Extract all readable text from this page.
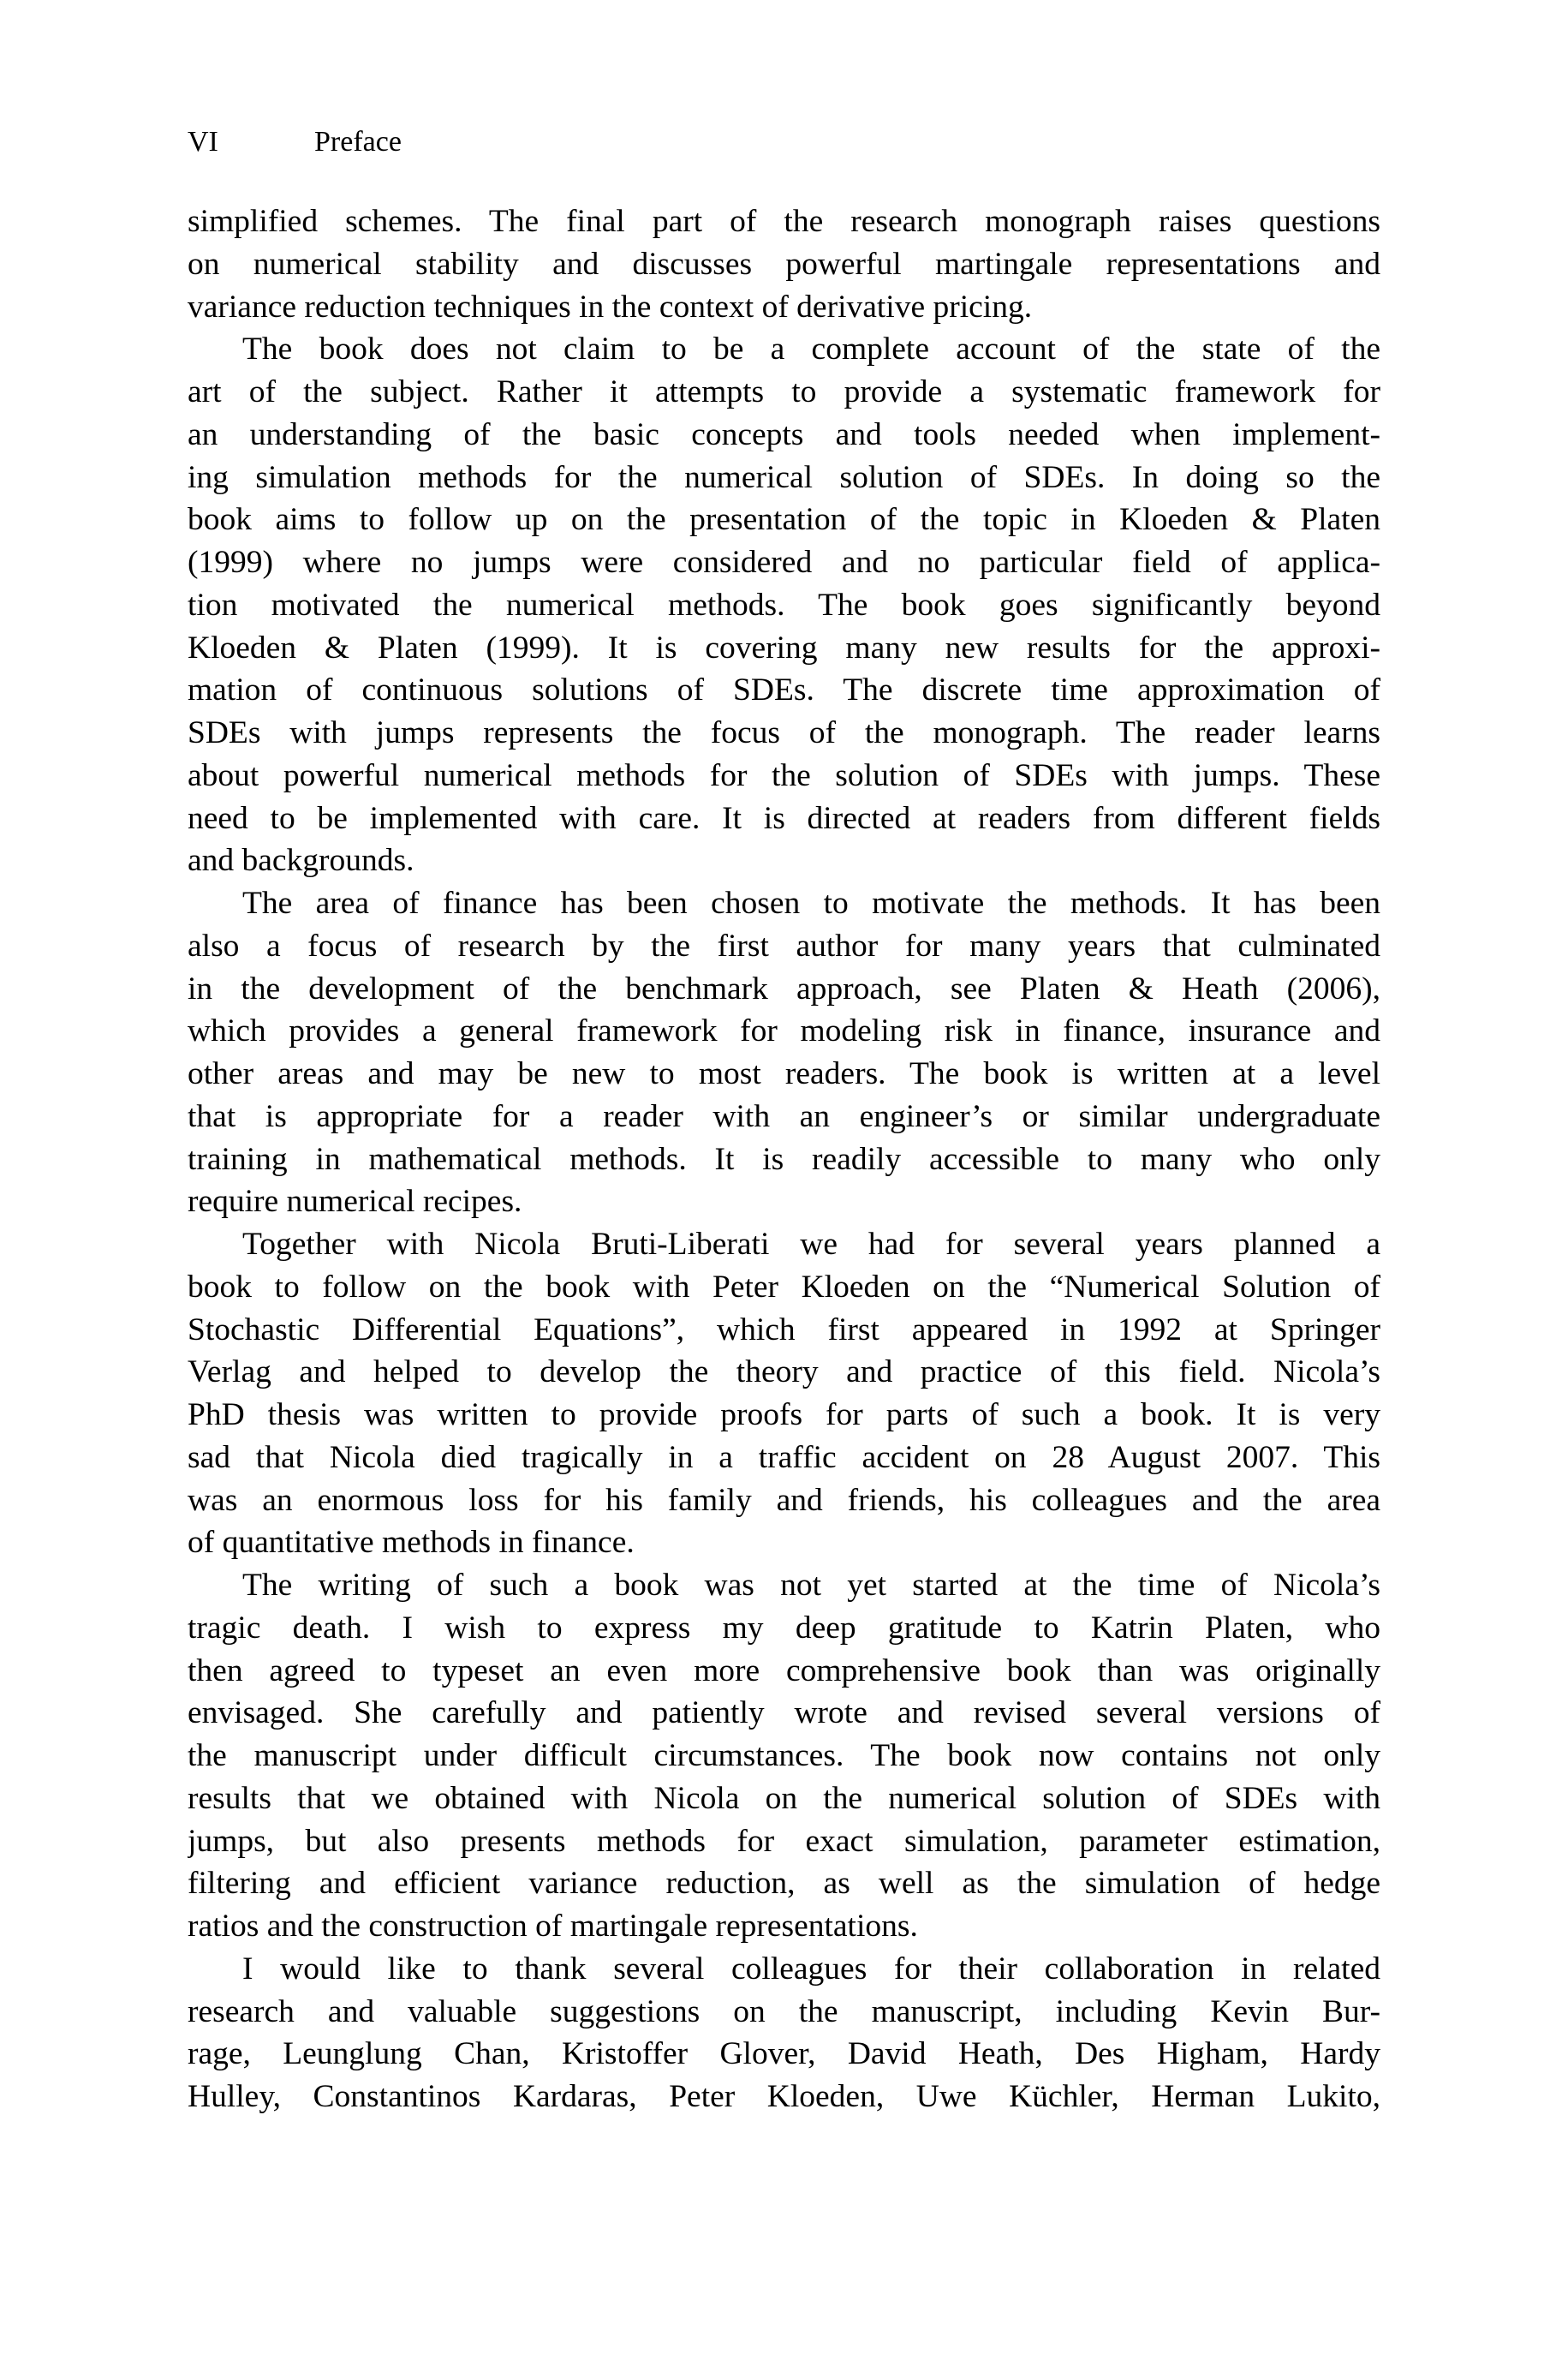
VI	Preface
simplified schemes. The final part of the research monograph raises questions
on numerical stability and discusses powerful martingale representations and
variance reduction techniques in the context of derivative pricing.
The book does not claim to be a complete account of the state of the
art of the subject. Rather it attempts to provide a systematic framework for
an understanding of the basic concepts and tools needed when implement-
ing simulation methods for the numerical solution of SDEs. In doing so the
book aims to follow up on the presentation of the topic in Kloeden & Platen
(1999) where no jumps were considered and no particular field of applica-
tion motivated the numerical methods. The book goes significantly beyond
Kloeden & Platen (1999). It is covering many new results for the approxi-
mation of continuous solutions of SDEs. The discrete time approximation of
SDEs with jumps represents the focus of the monograph. The reader learns
about powerful numerical methods for the solution of SDEs with jumps. These
need to be implemented with care. It is directed at readers from different fields
and backgrounds.
The area of finance has been chosen to motivate the methods. It has been
also a focus of research by the first author for many years that culminated
in the development of the benchmark approach, see Platen & Heath (2006),
which provides a general framework for modeling risk in finance, insurance and
other areas and may be new to most readers. The book is written at a level
that is appropriate for a reader with an engineer’s or similar undergraduate
training in mathematical methods. It is readily accessible to many who only
require numerical recipes.
Together with Nicola Bruti-Liberati we had for several years planned a
book to follow on the book with Peter Kloeden on the “Numerical Solution of
Stochastic Differential Equations”, which first appeared in 1992 at Springer
Verlag and helped to develop the theory and practice of this field. Nicola’s
PhD thesis was written to provide proofs for parts of such a book. It is very
sad that Nicola died tragically in a traffic accident on 28 August 2007. This
was an enormous loss for his family and friends, his colleagues and the area
of quantitative methods in finance.
The writing of such a book was not yet started at the time of Nicola’s
tragic death. I wish to express my deep gratitude to Katrin Platen, who
then agreed to typeset an even more comprehensive book than was originally
envisaged. She carefully and patiently wrote and revised several versions of
the manuscript under difficult circumstances. The book now contains not only
results that we obtained with Nicola on the numerical solution of SDEs with
jumps, but also presents methods for exact simulation, parameter estimation,
filtering and efficient variance reduction, as well as the simulation of hedge
ratios and the construction of martingale representations.
I would like to thank several colleagues for their collaboration in related
research and valuable suggestions on the manuscript, including Kevin Bur-
rage, Leunglung Chan, Kristoffer Glover, David Heath, Des Higham, Hardy
Hulley, Constantinos Kardaras, Peter Kloeden, Uwe Küchler, Herman Lukito,
